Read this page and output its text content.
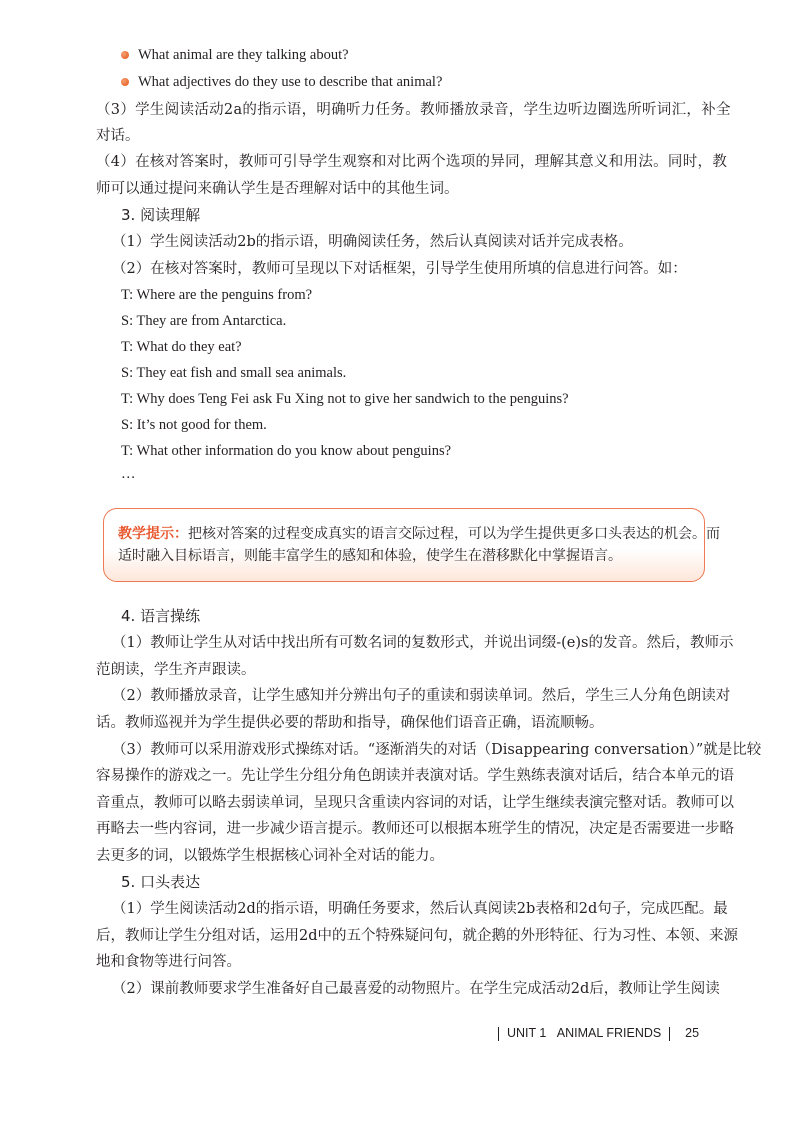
What animal are they talking about?
What adjectives do they use to describe that animal?
（3）学生阅读活动2a的指示语，明确听力任务。教师播放录音，学生边听边圈选所听词汇，补全
对话。
（4）在核对答案时，教师可引导学生观察和对比两个选项的异同，理解其意义和用法。同时，教
师可以通过提问来确认学生是否理解对话中的其他生词。
3. 阅读理解
（1）学生阅读活动2b的指示语，明确阅读任务，然后认真阅读对话并完成表格。
（2）在核对答案时，教师可呈现以下对话框架，引导学生使用所填的信息进行问答。如：
T: Where are the penguins from?
S: They are from Antarctica.
T: What do they eat?
S: They eat fish and small sea animals.
T: Why does Teng Fei ask Fu Xing not to give her sandwich to the penguins?
S: It’s not good for them.
T: What other information do you know about penguins?
…
教学提示：把核对答案的过程变成真实的语言交际过程，可以为学生提供更多口头表达的机会。而
适时融入目标语言，则能丰富学生的感知和体验，使学生在潜移默化中掌握语言。
4. 语言操练
（1）教师让学生从对话中找出所有可数名词的复数形式，并说出词缀-(e)s的发音。然后，教师示
范朗读，学生齐声跟读。
（2）教师播放录音，让学生感知并分辨出句子的重读和弱读单词。然后，学生三人分角色朗读对
话。教师巡视并为学生提供必要的帮助和指导，确保他们语音正确，语流顺畅。
（3）教师可以采用游戏形式操练对话。“逐渐消失的对话（Disappearing conversation）”就是比较
容易操作的游戏之一。先让学生分组分角色朗读并表演对话。学生熟练表演对话后，结合本单元的语
音重点，教师可以略去弱读单词，呈现只含重读内容词的对话，让学生继续表演完整对话。教师可以
再略去一些内容词，进一步减少语言提示。教师还可以根据本班学生的情况，决定是否需要进一步略
去更多的词，以锻炼学生根据核心词补全对话的能力。
5. 口头表达
（1）学生阅读活动2d的指示语，明确任务要求，然后认真阅读2b表格和2d句子，完成匹配。最
后，教师让学生分组对话，运用2d中的五个特殊疑问句，就企鹅的外形特征、行为习性、本领、来源
地和食物等进行问答。
（2）课前教师要求学生准备好自己最喜爱的动物照片。在学生完成活动2d后，教师让学生阅读
UNIT 1 ANIMAL FRIENDS 25
